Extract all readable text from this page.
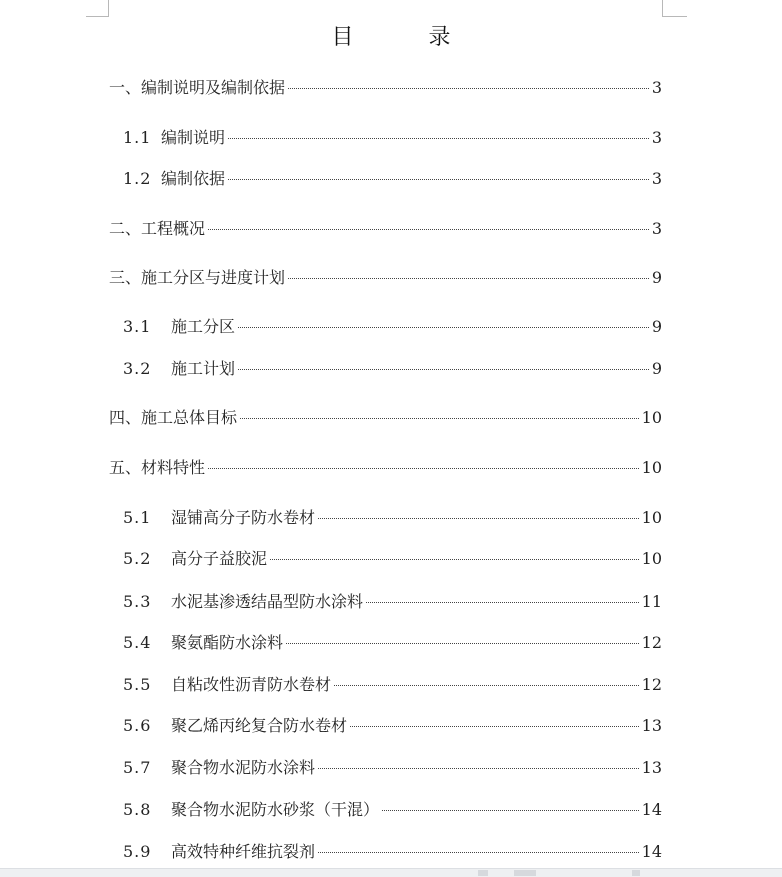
目 录
一、编制说明及编制依据	3
1.1 编制说明	3
1.2 编制依据	3
二、工程概况	3
三、施工分区与进度计划	9
3.1	施工分区	9
3.2	施工计划	9
四、施工总体目标	10
五、材料特性	10
5.1	湿铺高分子防水卷材	10
5.2	高分子益胶泥	10
5.3	水泥基渗透结晶型防水涂料	11
5.4	聚氨酯防水涂料	12
5.5	自粘改性沥青防水卷材	12
5.6	聚乙烯丙纶复合防水卷材	13
5.7	聚合物水泥防水涂料	13
5.8	聚合物水泥防水砂浆（干混）	14
5.9	高效特种纤维抗裂剂	14
